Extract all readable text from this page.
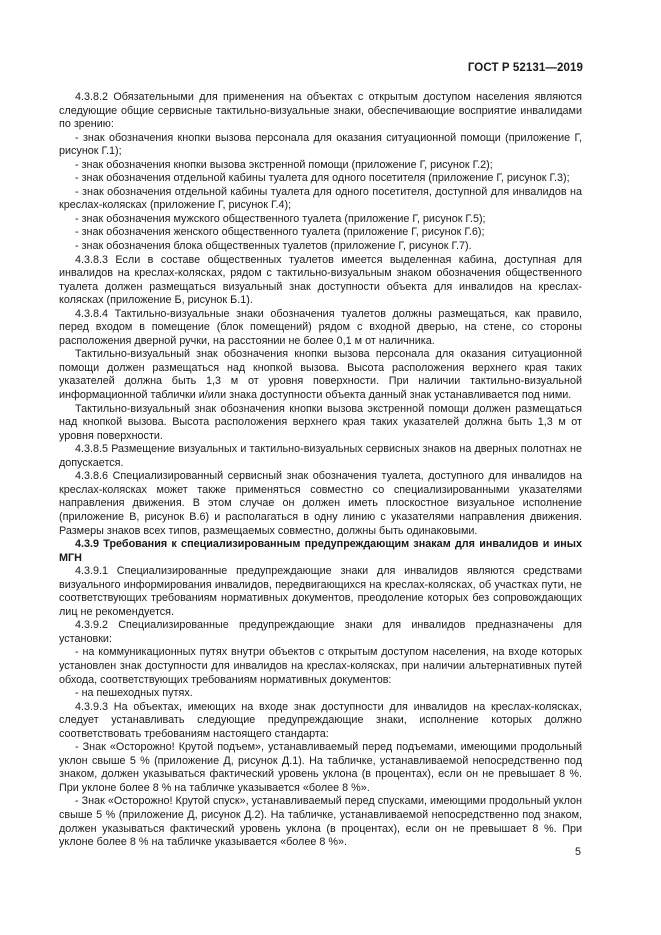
ГОСТ Р 52131—2019

4.3.8.2 Обязательными для применения на объектах с открытым доступом населения являются следующие общие сервисные тактильно-визуальные знаки, обеспечивающие восприятие инвалидами по зрению:

- знак обозначения кнопки вызова персонала для оказания ситуационной помощи (приложение Г, рисунок Г.1);

- знак обозначения кнопки вызова экстренной помощи (приложение Г, рисунок Г.2);

- знак обозначения отдельной кабины туалета для одного посетителя (приложение Г, рисунок Г.3);

- знак обозначения отдельной кабины туалета для одного посетителя, доступной для инвалидов на креслах-колясках (приложение Г, рисунок Г.4);

- знак обозначения мужского общественного туалета (приложение Г, рисунок Г.5);

- знак обозначения женского общественного туалета (приложение Г, рисунок Г.6);

- знак обозначения блока общественных туалетов (приложение Г, рисунок Г.7).

4.3.8.3 Если в составе общественных туалетов имеется выделенная кабина, доступная для инвалидов на креслах-колясках, рядом с тактильно-визуальным знаком обозначения общественного туалета должен размещаться визуальный знак доступности объекта для инвалидов на креслах-колясках (приложение Б, рисунок Б.1).

4.3.8.4 Тактильно-визуальные знаки обозначения туалетов должны размещаться, как правило, перед входом в помещение (блок помещений) рядом с входной дверью, на стене, со стороны расположения дверной ручки, на расстоянии не более 0,1 м от наличника.

Тактильно-визуальный знак обозначения кнопки вызова персонала для оказания ситуационной помощи должен размещаться над кнопкой вызова. Высота расположения верхнего края таких указателей должна быть 1,3 м от уровня поверхности. При наличии тактильно-визуальной информационной таблички и/или знака доступности объекта данный знак устанавливается под ними.

Тактильно-визуальный знак обозначения кнопки вызова экстренной помощи должен размещаться над кнопкой вызова. Высота расположения верхнего края таких указателей должна быть 1,3 м от уровня поверхности.

4.3.8.5 Размещение визуальных и тактильно-визуальных сервисных знаков на дверных полотнах не допускается.

4.3.8.6 Специализированный сервисный знак обозначения туалета, доступного для инвалидов на креслах-колясках может также применяться совместно со специализированными указателями направления движения. В этом случае он должен иметь плоскостное визуальное исполнение (приложение В, рисунок В.6) и располагаться в одну линию с указателями направления движения. Размеры знаков всех типов, размещаемых совместно, должны быть одинаковыми.

4.3.9 Требования к специализированным предупреждающим знакам для инвалидов и иных МГН

4.3.9.1 Специализированные предупреждающие знаки для инвалидов являются средствами визуального информирования инвалидов, передвигающихся на креслах-колясках, об участках пути, не соответствующих требованиям нормативных документов, преодоление которых без сопровождающих лиц не рекомендуется.

4.3.9.2 Специализированные предупреждающие знаки для инвалидов предназначены для установки:

- на коммуникационных путях внутри объектов с открытым доступом населения, на входе которых установлен знак доступности для инвалидов на креслах-колясках, при наличии альтернативных путей обхода, соответствующих требованиям нормативных документов:

- на пешеходных путях.

4.3.9.3 На объектах, имеющих на входе знак доступности для инвалидов на креслах-колясках, следует устанавливать следующие предупреждающие знаки, исполнение которых должно соответствовать требованиям настоящего стандарта:

- Знак «Осторожно! Крутой подъем», устанавливаемый перед подъемами, имеющими продольный уклон свыше 5 % (приложение Д, рисунок Д.1). На табличке, устанавливаемой непосредственно под знаком, должен указываться фактический уровень уклона (в процентах), если он не превышает 8 %. При уклоне более 8 % на табличке указывается «более 8 %».

- Знак «Осторожно! Крутой спуск», устанавливаемый перед спусками, имеющими продольный уклон свыше 5 % (приложение Д, рисунок Д.2). На табличке, устанавливаемой непосредственно под знаком, должен указываться фактический уровень уклона (в процентах), если он не превышает 8 %. При уклоне более 8 % на табличке указывается «более 8 %».

5
